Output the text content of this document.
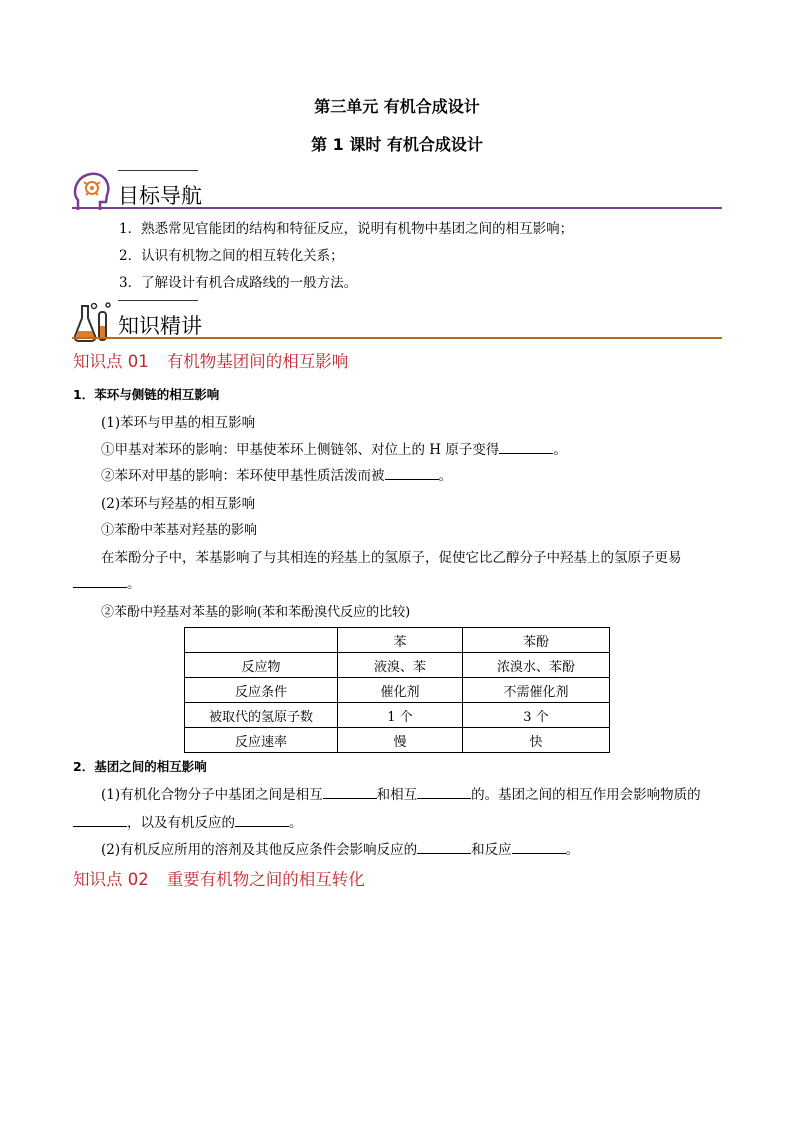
第三单元 有机合成设计
第 1 课时 有机合成设计
目标导航
1．熟悉常见官能团的结构和特征反应，说明有机物中基团之间的相互影响；
2．认识有机物之间的相互转化关系；
3．了解设计有机合成路线的一般方法。
知识精讲
知识点 01 有机物基团间的相互影响
1．苯环与侧链的相互影响
(1)苯环与甲基的相互影响
①甲基对苯环的影响：甲基使苯环上侧链邻、对位上的 H 原子变得	。
②苯环对甲基的影响：苯环使甲基性质活泼而被	。
(2)苯环与羟基的相互影响
①苯酚中苯基对羟基的影响
在苯酚分子中，苯基影响了与其相连的羟基上的氢原子，促使它比乙醇分子中羟基上的氢原子更易
。
②苯酚中羟基对苯基的影响(苯和苯酚溴代反应的比较)
	苯	苯酚
反应物	液溴、苯	浓溴水、苯酚
反应条件	催化剂	不需催化剂
被取代的氢原子数	1 个	3 个
反应速率	慢	快
2．基团之间的相互影响
(1)有机化合物分子中基团之间是相互	和相互	的。基团之间的相互作用会影响物质的
，以及有机反应的	。
(2)有机反应所用的溶剂及其他反应条件会影响反应的	和反应	。
知识点 02 重要有机物之间的相互转化
